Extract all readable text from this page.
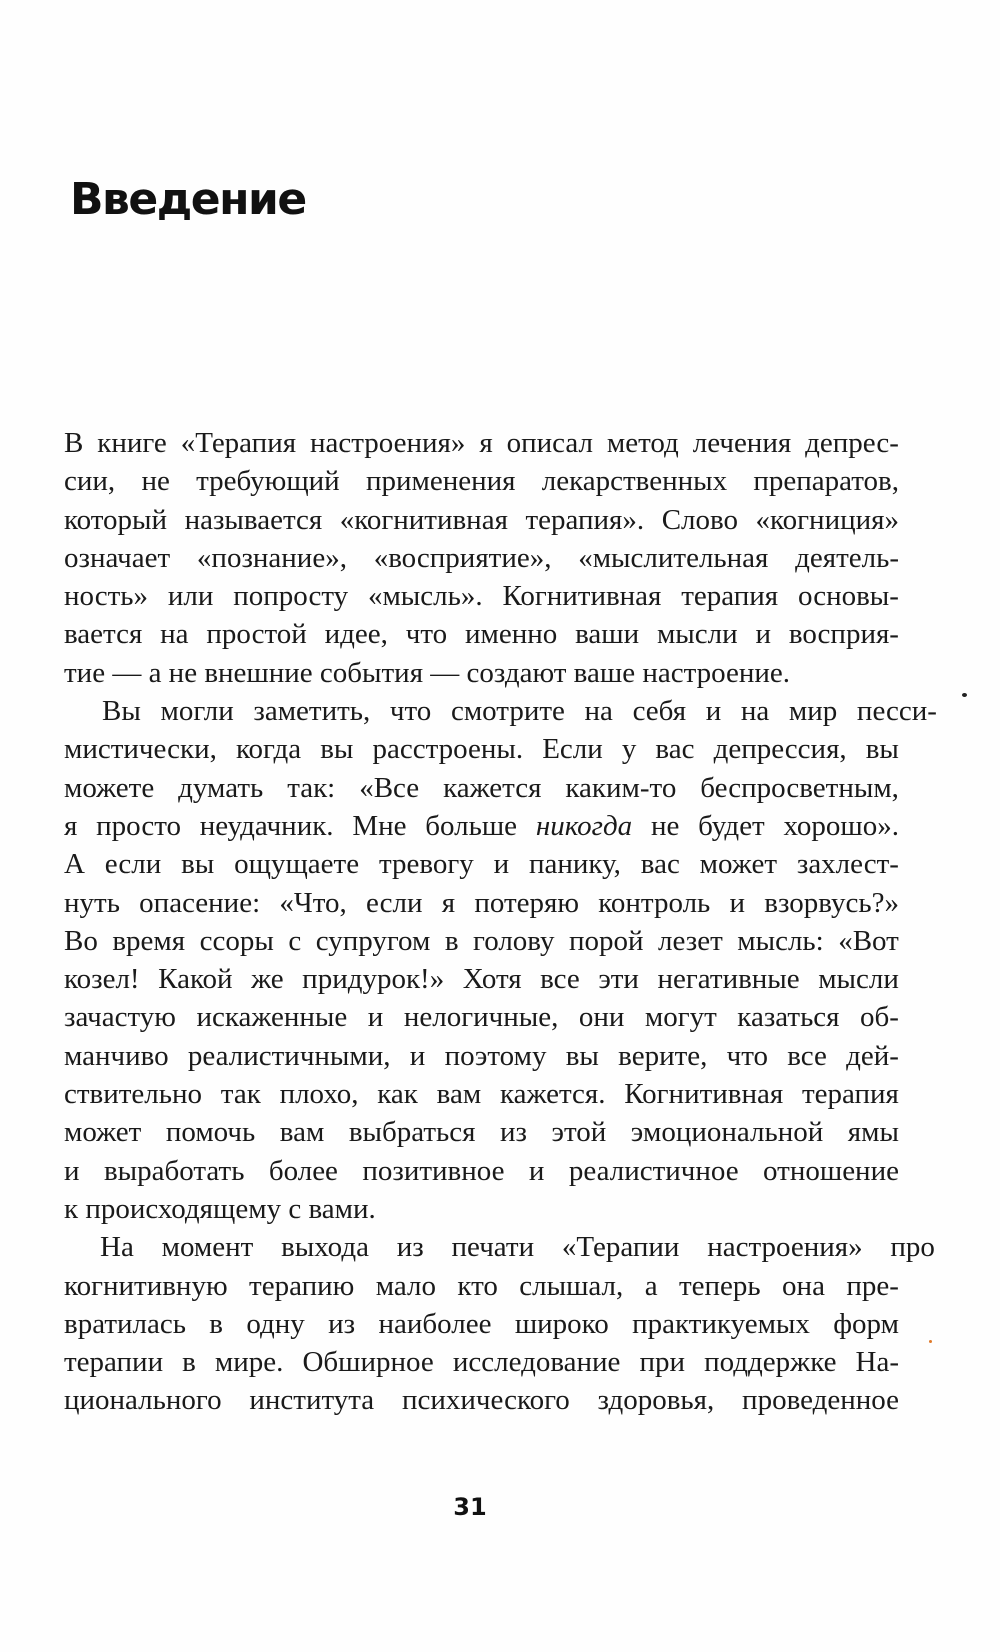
Введение
В книге «Терапия настроения» я описал метод лечения депрес-
сии, не требующий применения лекарственных препаратов,
который называется «когнитивная терапия». Слово «когниция»
означает «познание», «восприятие», «мыслительная деятель-
ность» или попросту «мысль». Когнитивная терапия основы-
вается на простой идее, что именно ваши мысли и восприя-
тие — а не внешние события — создают ваше настроение.
Вы могли заметить, что смотрите на себя и на мир песси-
мистически, когда вы расстроены. Если у вас депрессия, вы
можете думать так: «Все кажется каким-то беспросветным,
я просто неудачник. Мне больше никогда не будет хорошо».
А если вы ощущаете тревогу и панику, вас может захлест-
нуть опасение: «Что, если я потеряю контроль и взорвусь?»
Во время ссоры с супругом в голову порой лезет мысль: «Вот
козел! Какой же придурок!» Хотя все эти негативные мысли
зачастую искаженные и нелогичные, они могут казаться об-
манчиво реалистичными, и поэтому вы верите, что все дей-
ствительно так плохо, как вам кажется. Когнитивная терапия
может помочь вам выбраться из этой эмоциональной ямы
и выработать более позитивное и реалистичное отношение
к происходящему с вами.
На момент выхода из печати «Терапии настроения» про
когнитивную терапию мало кто слышал, а теперь она пре-
вратилась в одну из наиболее широко практикуемых форм
терапии в мире. Обширное исследование при поддержке На-
ционального института психического здоровья, проведенное
31
